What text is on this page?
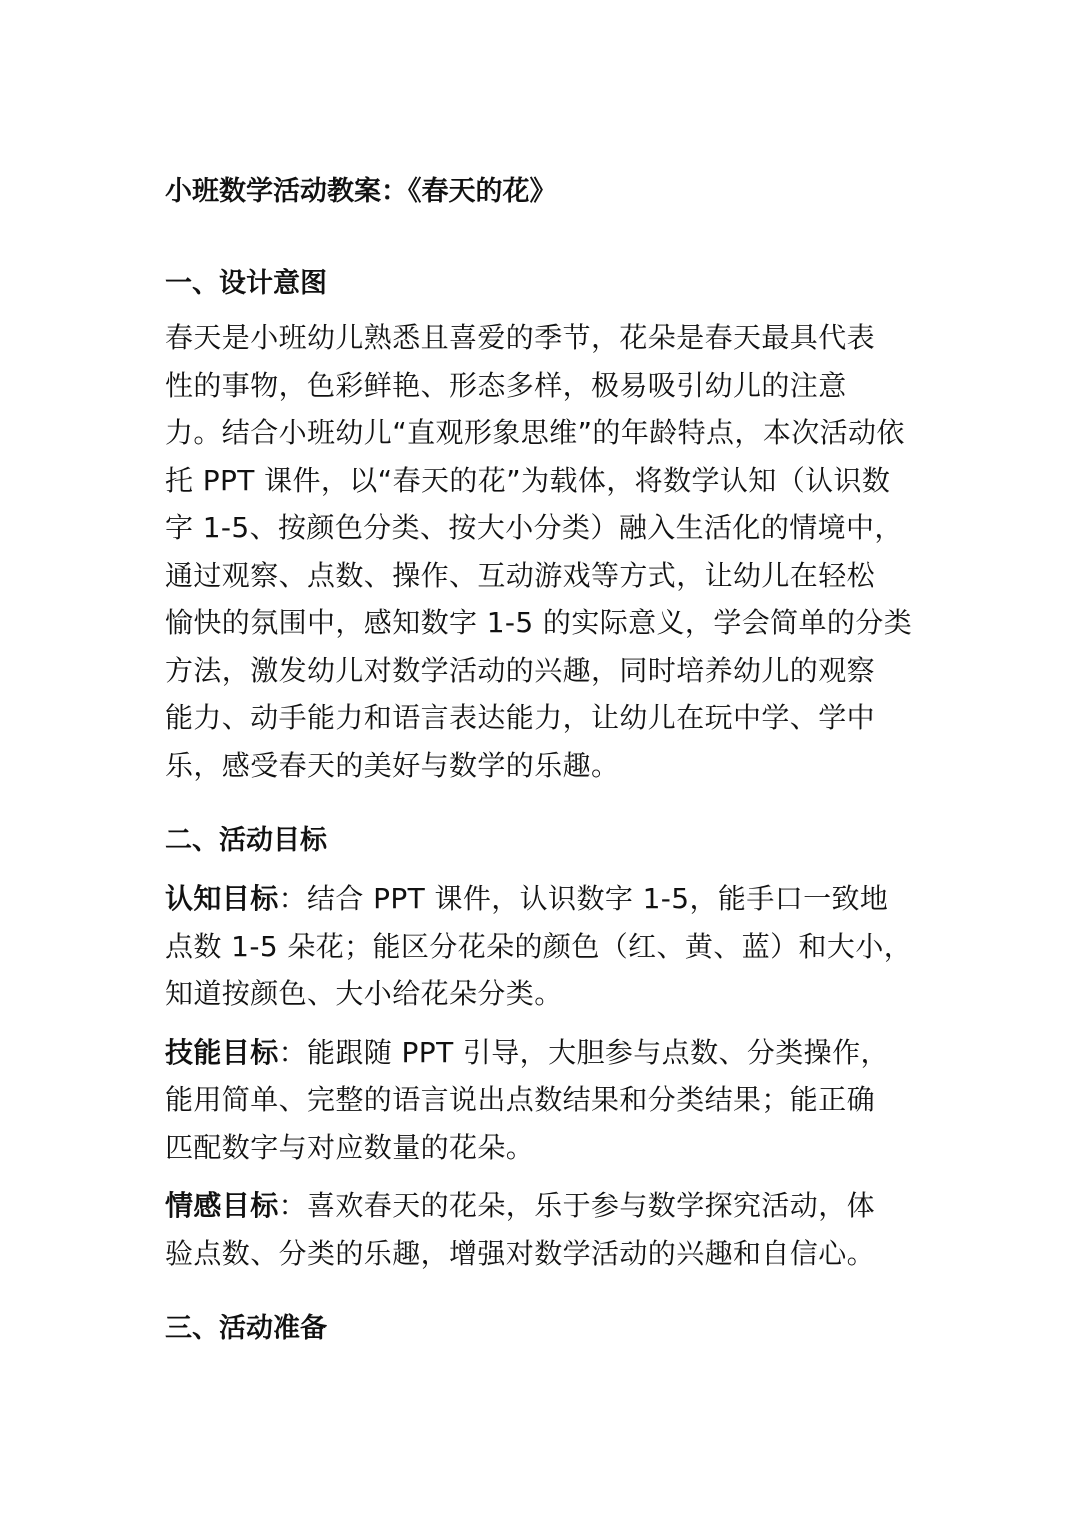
小班数学活动教案：《春天的花》
一、设计意图
春天是小班幼儿熟悉且喜爱的季节，花朵是春天最具代表
性的事物，色彩鲜艳、形态多样，极易吸引幼儿的注意
力。结合小班幼儿“直观形象思维”的年龄特点，本次活动依
托 PPT 课件，以“春天的花”为载体，将数学认知（认识数
字 1-5、按颜色分类、按大小分类）融入生活化的情境中，
通过观察、点数、操作、互动游戏等方式，让幼儿在轻松
愉快的氛围中，感知数字 1-5 的实际意义，学会简单的分类
方法，激发幼儿对数学活动的兴趣，同时培养幼儿的观察
能力、动手能力和语言表达能力，让幼儿在玩中学、学中
乐，感受春天的美好与数学的乐趣。
二、活动目标
认知目标：结合 PPT 课件，认识数字 1-5，能手口一致地
点数 1-5 朵花；能区分花朵的颜色（红、黄、蓝）和大小，
知道按颜色、大小给花朵分类。
技能目标：能跟随 PPT 引导，大胆参与点数、分类操作，
能用简单、完整的语言说出点数结果和分类结果；能正确
匹配数字与对应数量的花朵。
情感目标：喜欢春天的花朵，乐于参与数学探究活动，体
验点数、分类的乐趣，增强对数学活动的兴趣和自信心。
三、活动准备
